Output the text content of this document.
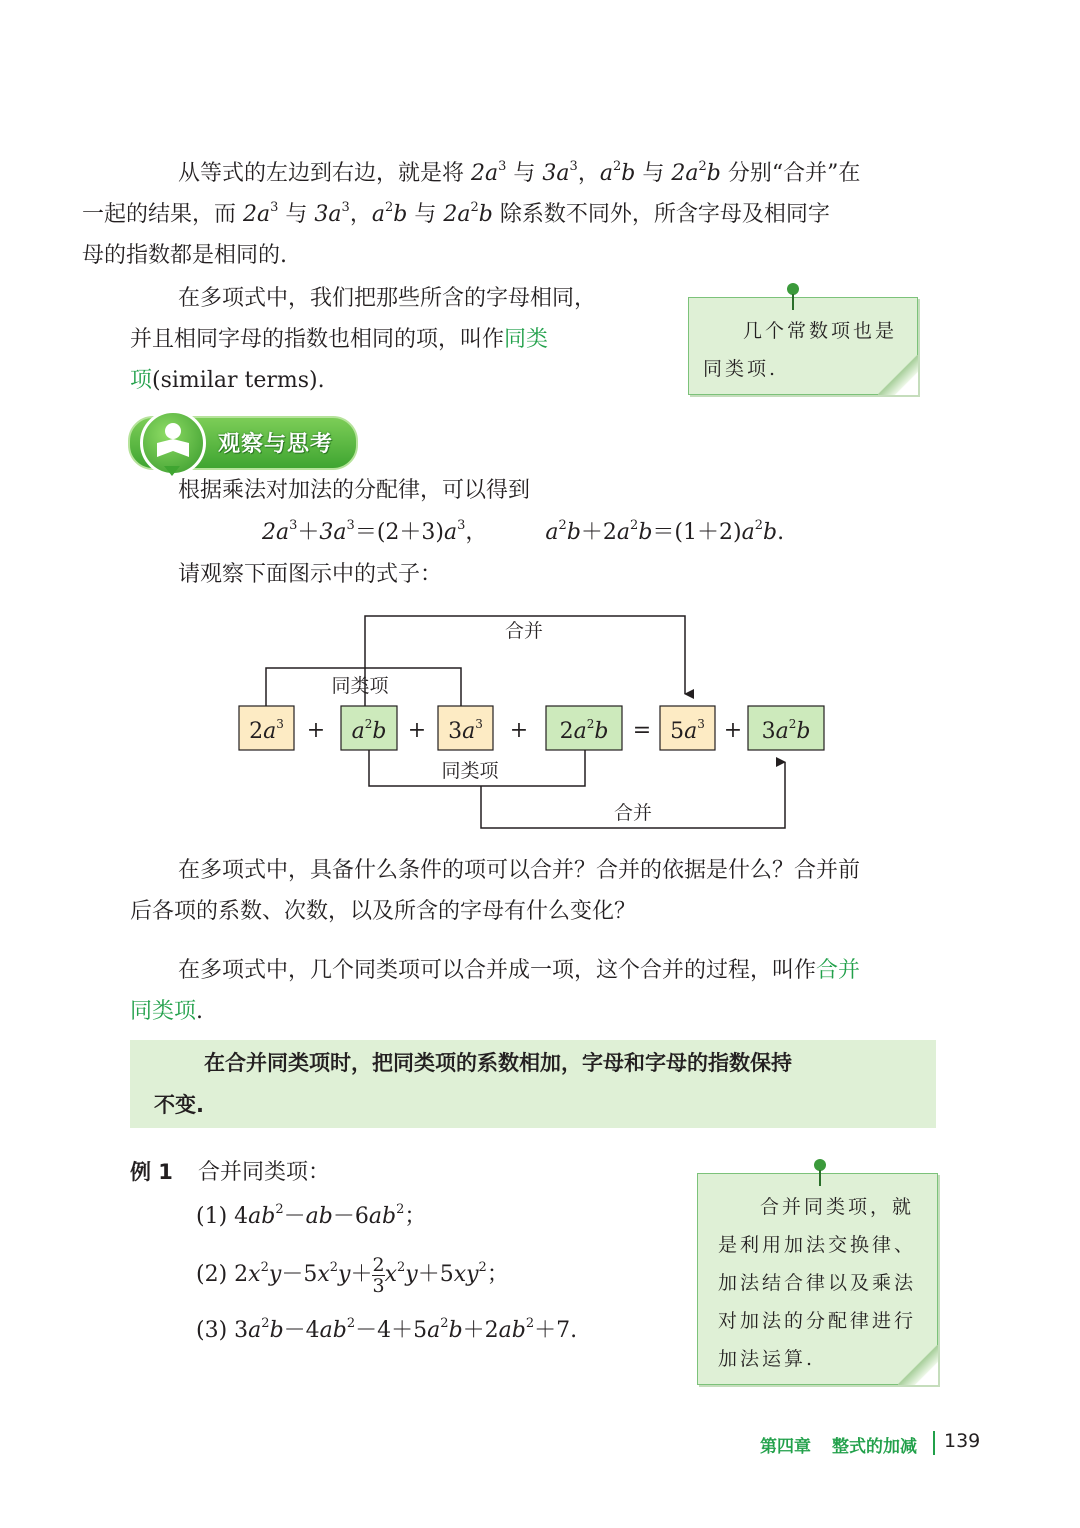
从等式的左边到右边，就是将 $2a^3$ 与 $3a^3$，$a^2b$ 与 $2a^2b$ 分别“合并”在
一起的结果，而 $2a^3$ 与 $3a^3$，$a^2b$ 与 $2a^2b$ 除系数不同外，所含字母及相同字
母的指数都是相同的.
在多项式中，我们把那些所含的字母相同，
并且相同字母的指数也相同的项，叫作同类
项(similar terms).
几个常数项也是
同类项.
观察与思考
根据乘法对加法的分配律，可以得到
$2a^3+3a^3=(2+3)a^3$，  $a^2b+2a^2b=(1+2)a^2b$.
请观察下面图示中的式子：
合并
同类项
同类项
合并
$2a^3$	$a^2b$	$3a^3$	$2a^2b$	$5a^3$	$3a^2b$
+	+	+	=	+
在多项式中，具备什么条件的项可以合并？合并的依据是什么？合并前
后各项的系数、次数，以及所含的字母有什么变化？
在多项式中，几个同类项可以合并成一项，这个合并的过程，叫作合并
同类项.
在合并同类项时，把同类项的系数相加，字母和字母的指数保持
不变.
例 1 合并同类项：
(1) $4ab^2-ab-6ab^2$；
(2) $2x^2y-5x^2y+ \frac{2}{3} x^2y+5xy^2$；
(3) $3a^2b-4ab^2-4+5a^2b+2ab^2+7$.
合并同类项，就
是利用加法交换律、
加法结合律以及乘法
对加法的分配律进行
加法运算.
第四章 整式的加减 139
